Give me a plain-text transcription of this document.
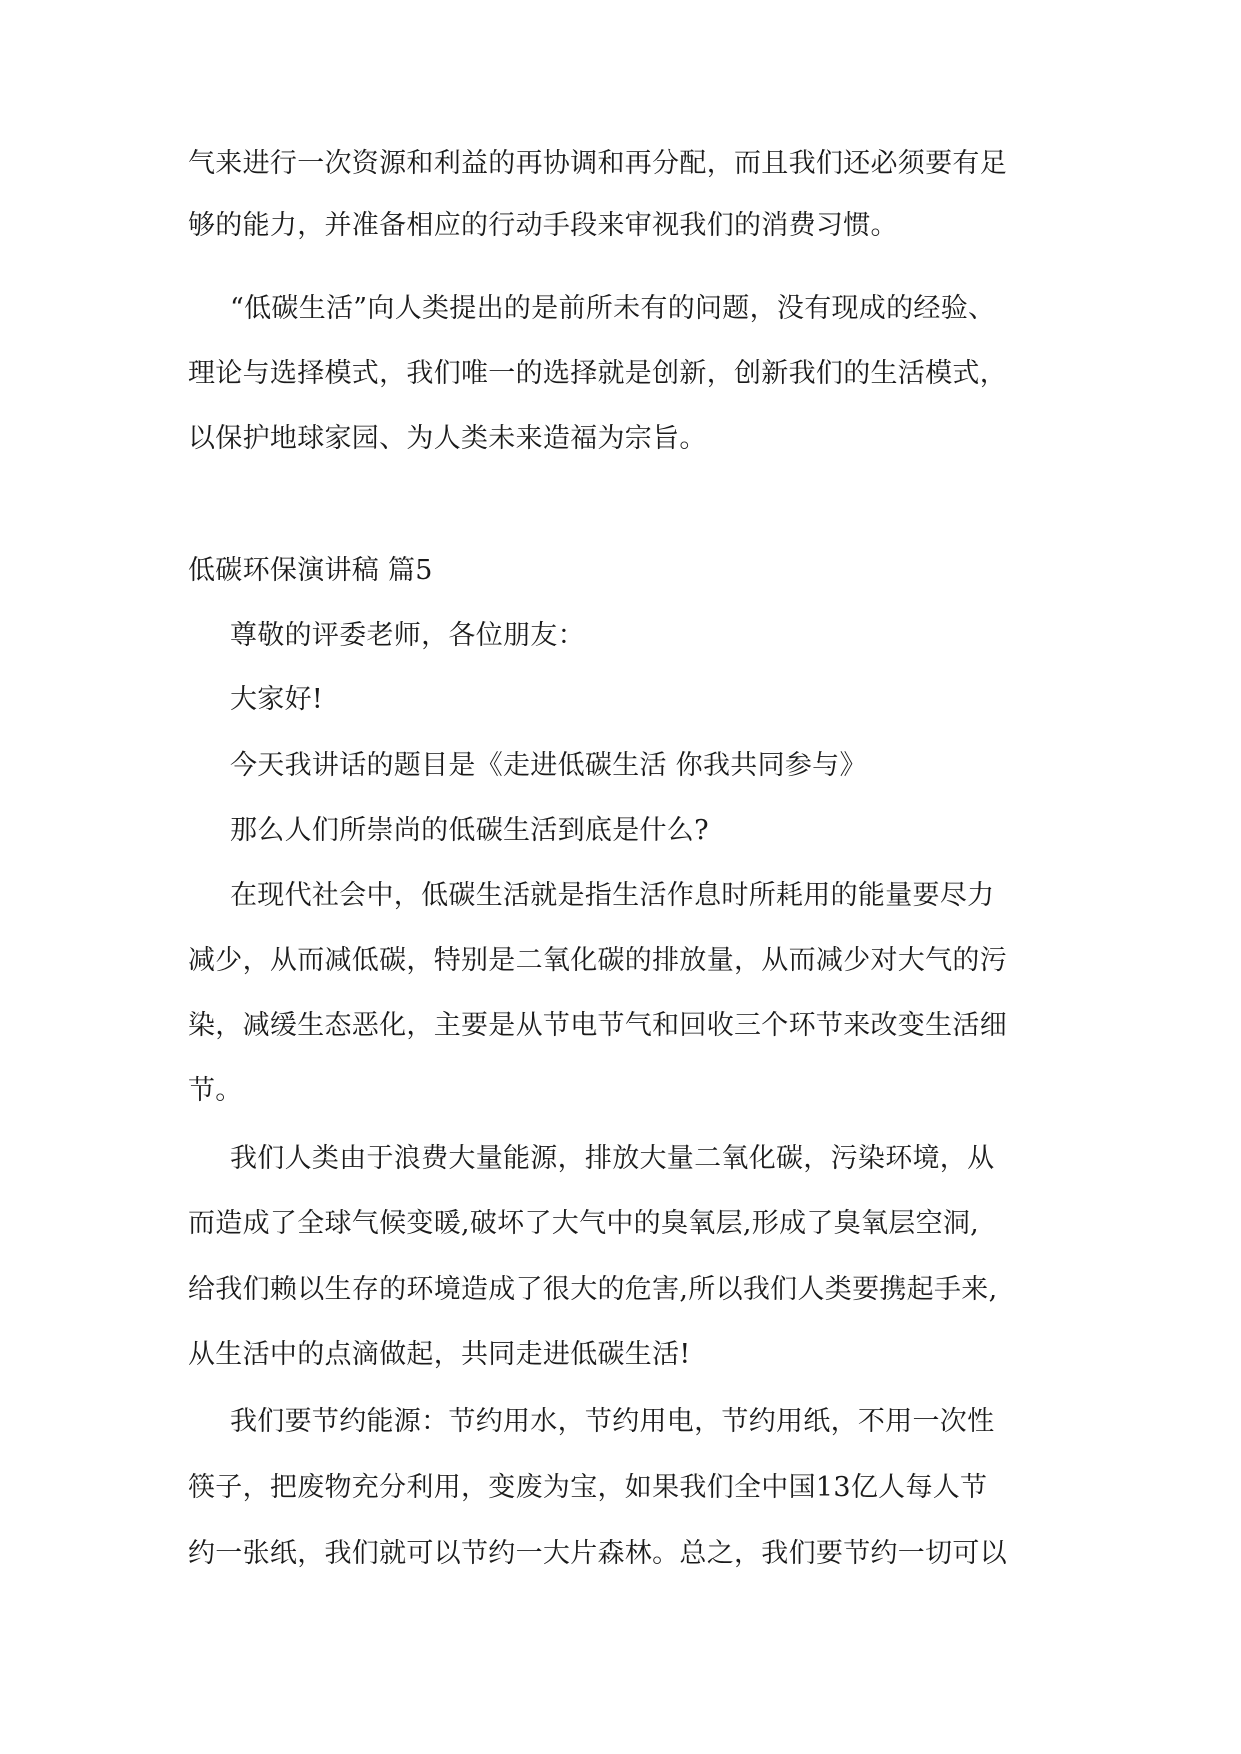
气来进行一次资源和利益的再协调和再分配，而且我们还必须要有足
够的能力，并准备相应的行动手段来审视我们的消费习惯。
“低碳生活”向人类提出的是前所未有的问题，没有现成的经验、
理论与选择模式，我们唯一的选择就是创新，创新我们的生活模式，
以保护地球家园、为人类未来造福为宗旨。
低碳环保演讲稿 篇5
尊敬的评委老师，各位朋友：
大家好!
今天我讲话的题目是《走进低碳生活 你我共同参与》
那么人们所崇尚的低碳生活到底是什么?
在现代社会中，低碳生活就是指生活作息时所耗用的能量要尽力
减少，从而减低碳，特别是二氧化碳的排放量，从而减少对大气的污
染，减缓生态恶化，主要是从节电节气和回收三个环节来改变生活细
节。
我们人类由于浪费大量能源，排放大量二氧化碳，污染环境，从
而造成了全球气候变暖,破坏了大气中的臭氧层,形成了臭氧层空洞,
给我们赖以生存的环境造成了很大的危害,所以我们人类要携起手来,
从生活中的点滴做起，共同走进低碳生活!
我们要节约能源：节约用水，节约用电，节约用纸，不用一次性
筷子，把废物充分利用，变废为宝，如果我们全中国13亿人每人节
约一张纸，我们就可以节约一大片森林。总之，我们要节约一切可以
